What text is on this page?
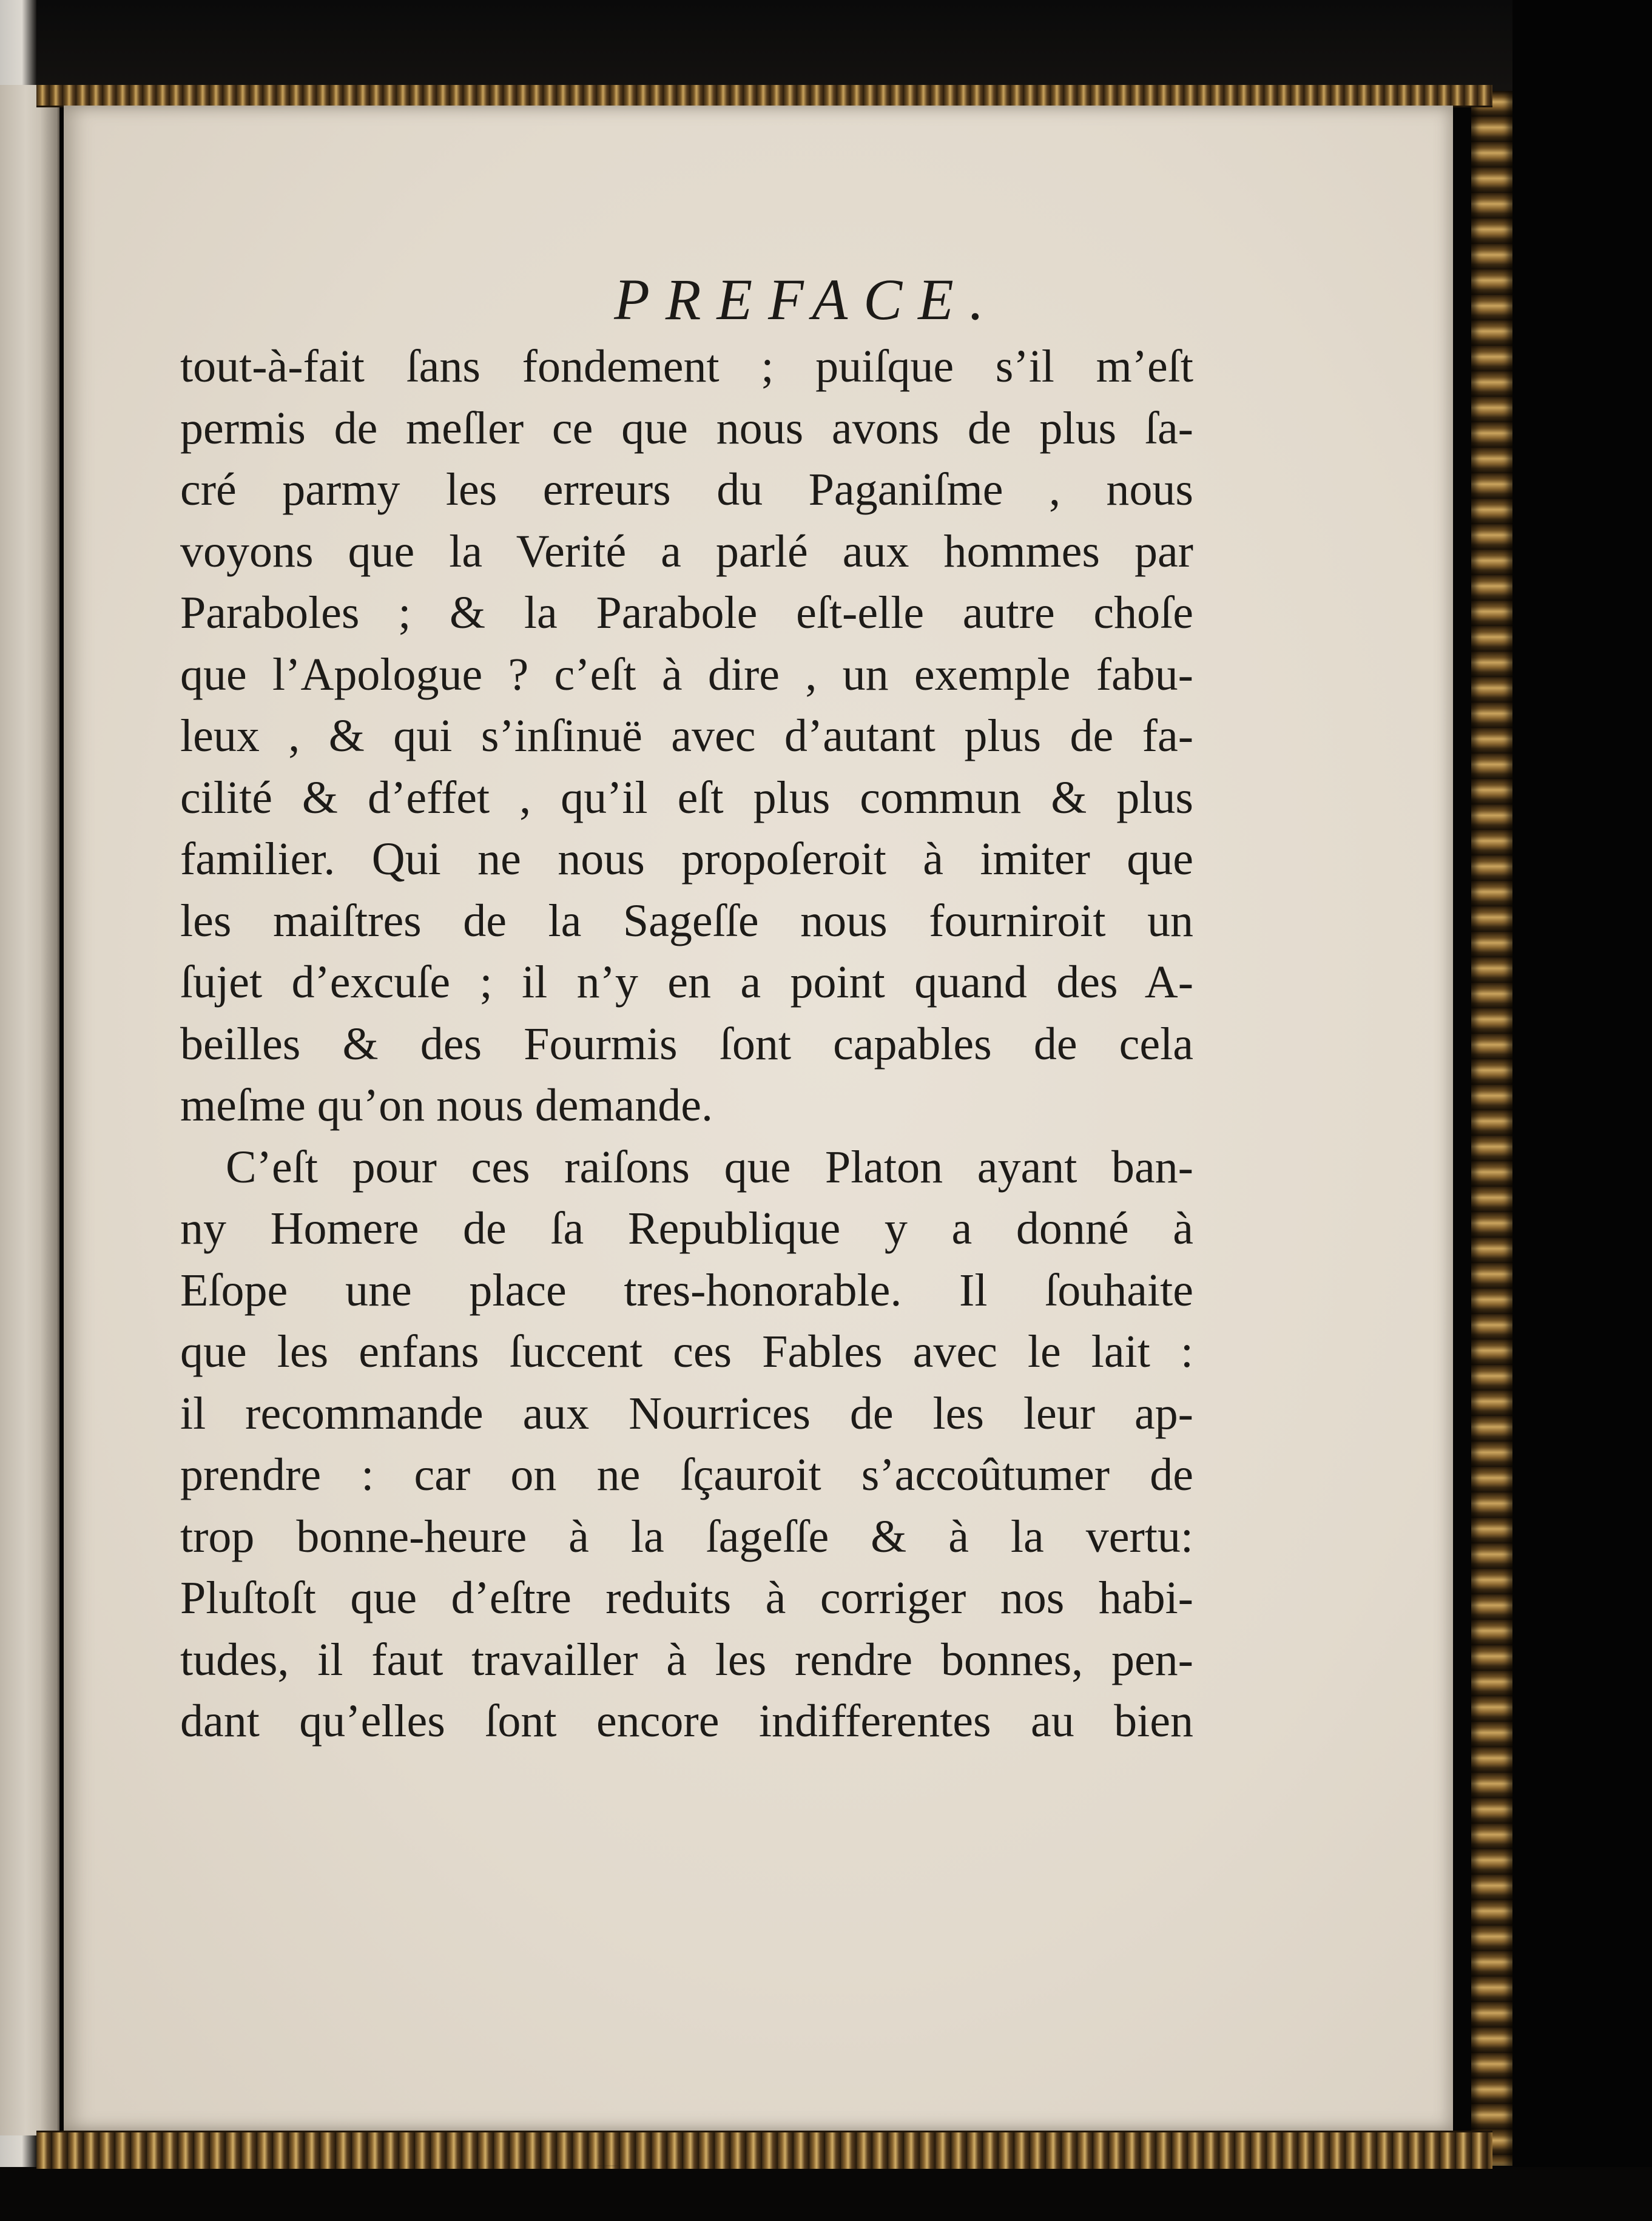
PREFACE.
tout-à-fait ſans fondement ; puiſque s’il m’eſt
permis de meſler ce que nous avons de plus ſa-
cré parmy les erreurs du Paganiſme , nous
voyons que la Verité a parlé aux hommes par
Paraboles ; & la Parabole eſt-elle autre choſe
que l’Apologue ? c’eſt à dire , un exemple fabu-
leux , & qui s’inſinuë avec d’autant plus de fa-
cilité & d’effet , qu’il eſt plus commun & plus
familier. Qui ne nous propoſeroit à imiter que
les maiſtres de la Sageſſe nous fourniroit un
ſujet d’excuſe ; il n’y en a point quand des A-
beilles & des Fourmis ſont capables de cela
meſme qu’on nous demande.
C’eſt pour ces raiſons que Platon ayant ban-
ny Homere de ſa Republique y a donné à
Eſope une place tres-honorable. Il ſouhaite
que les enfans ſuccent ces Fables avec le lait :
il recommande aux Nourrices de les leur ap-
prendre : car on ne ſçauroit s’accoûtumer de
trop bonne-heure à la ſageſſe & à la vertu:
Pluſtoſt que d’eſtre reduits à corriger nos habi-
tudes, il faut travailler à les rendre bonnes, pen-
dant qu’elles ſont encore indifferentes au bien
